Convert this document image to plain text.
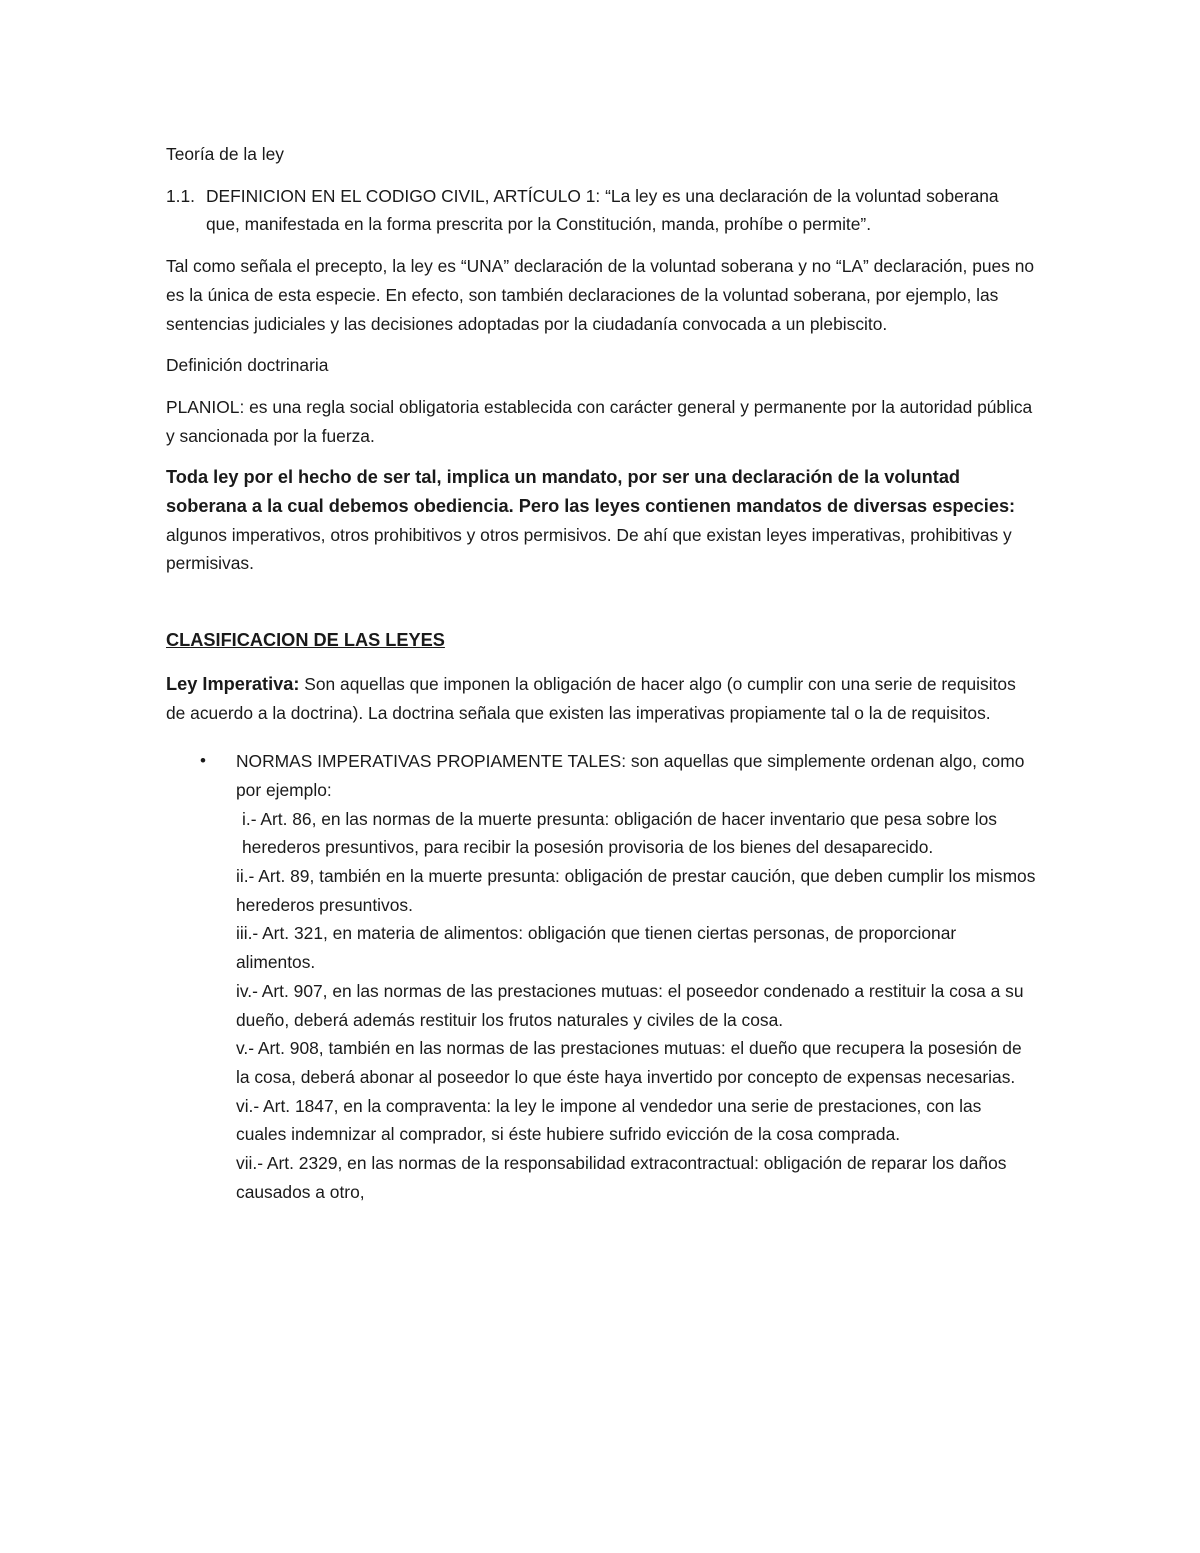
Teoría de la ley

1.1. DEFINICION EN EL CODIGO CIVIL, ARTÍCULO 1: “La ley es una declaración de la voluntad soberana que, manifestada en la forma prescrita por la Constitución, manda, prohíbe o permite”.

Tal como señala el precepto, la ley es “UNA” declaración de la voluntad soberana y no “LA” declaración, pues no es la única de esta especie. En efecto, son también declaraciones de la voluntad soberana, por ejemplo, las sentencias judiciales y las decisiones adoptadas por la ciudadanía convocada a un plebiscito.

Definición doctrinaria

PLANIOL: es una regla social obligatoria establecida con carácter general y permanente por la autoridad pública y sancionada por la fuerza.

Toda ley por el hecho de ser tal, implica un mandato, por ser una declaración de la voluntad soberana a la cual debemos obediencia. Pero las leyes contienen mandatos de diversas especies: algunos imperativos, otros prohibitivos y otros permisivos. De ahí que existan leyes imperativas, prohibitivas y permisivas.

CLASIFICACION DE LAS LEYES

Ley Imperativa: Son aquellas que imponen la obligación de hacer algo (o cumplir con una serie de requisitos de acuerdo a la doctrina). La doctrina señala que existen las imperativas propiamente tal o la de requisitos.

• NORMAS IMPERATIVAS PROPIAMENTE TALES: son aquellas que simplemente ordenan algo, como por ejemplo:
i.- Art. 86, en las normas de la muerte presunta: obligación de hacer inventario que pesa sobre los herederos presuntivos, para recibir la posesión provisoria de los bienes del desaparecido.
ii.- Art. 89, también en la muerte presunta: obligación de prestar caución, que deben cumplir los mismos herederos presuntivos.
iii.- Art. 321, en materia de alimentos: obligación que tienen ciertas personas, de proporcionar alimentos.
iv.- Art. 907, en las normas de las prestaciones mutuas: el poseedor condenado a restituir la cosa a su dueño, deberá además restituir los frutos naturales y civiles de la cosa.
v.- Art. 908, también en las normas de las prestaciones mutuas: el dueño que recupera la posesión de la cosa, deberá abonar al poseedor lo que éste haya invertido por concepto de expensas necesarias.
vi.- Art. 1847, en la compraventa: la ley le impone al vendedor una serie de prestaciones, con las cuales indemnizar al comprador, si éste hubiere sufrido evicción de la cosa comprada.
vii.- Art. 2329, en las normas de la responsabilidad extracontractual: obligación de reparar los daños causados a otro,
